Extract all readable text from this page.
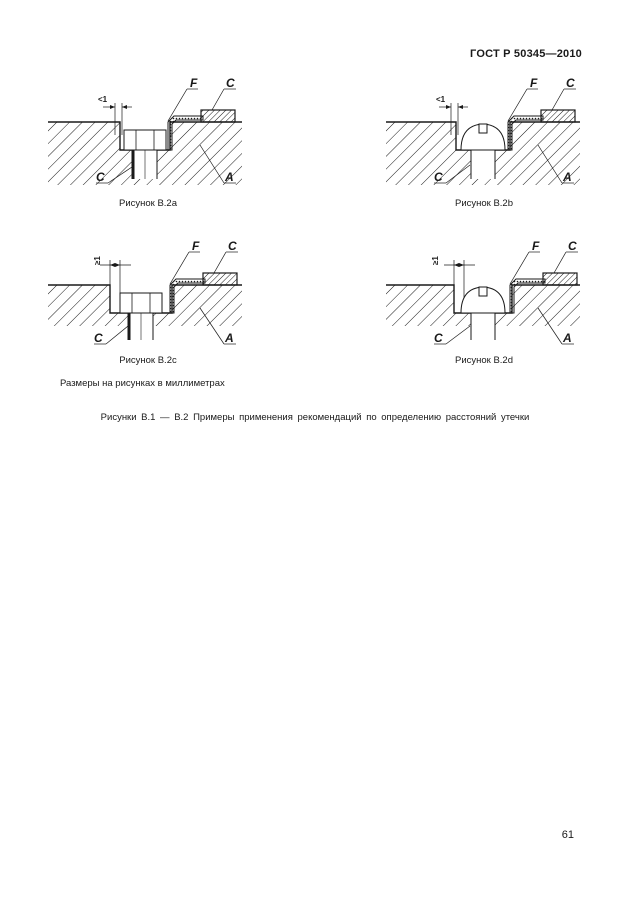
ГОСТ Р 50345—2010
<1
F C
C	A
Рисунок В.2a
<1
F C
C	A
Рисунок В.2b
≥1
F C
C	A
Рисунок В.2c
≥1
F C
C	A
Рисунок В.2d
Размеры на рисунках в миллиметрах
Рисунки В.1 — В.2 Примеры применения рекомендаций по определению расстояний утечки
61
